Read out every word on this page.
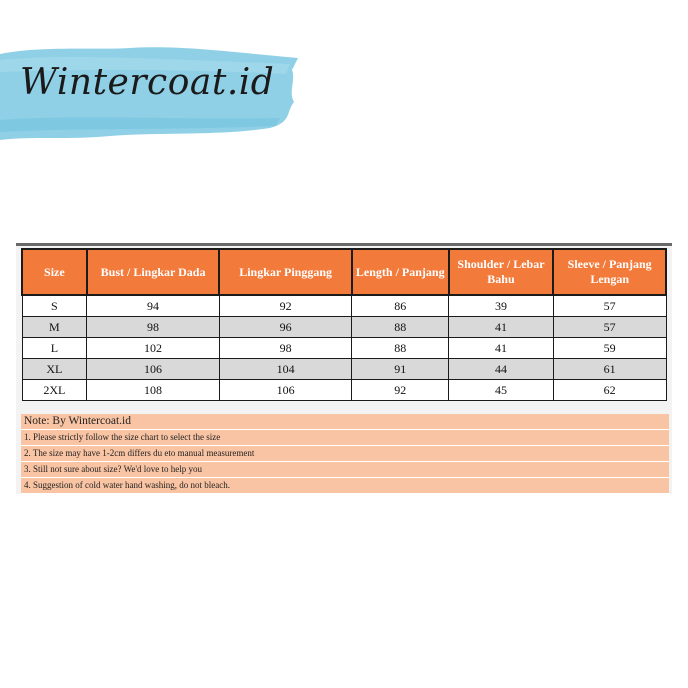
Wintercoat.id
Size	Bust / Lingkar Dada	Lingkar Pinggang	Length / Panjang	Shoulder / Lebar Bahu	Sleeve / Panjang Lengan
S	94	92	86	39	57
M	98	96	88	41	57
L	102	98	88	41	59
XL	106	104	91	44	61
2XL	108	106	92	45	62
Note: By Wintercoat.id
1. Please strictly follow the size chart to select the size
2. The size may have 1-2cm differs du eto manual measurement
3. Still not sure about size? We'd love to help you
4. Suggestion of cold water hand washing, do not bleach.
